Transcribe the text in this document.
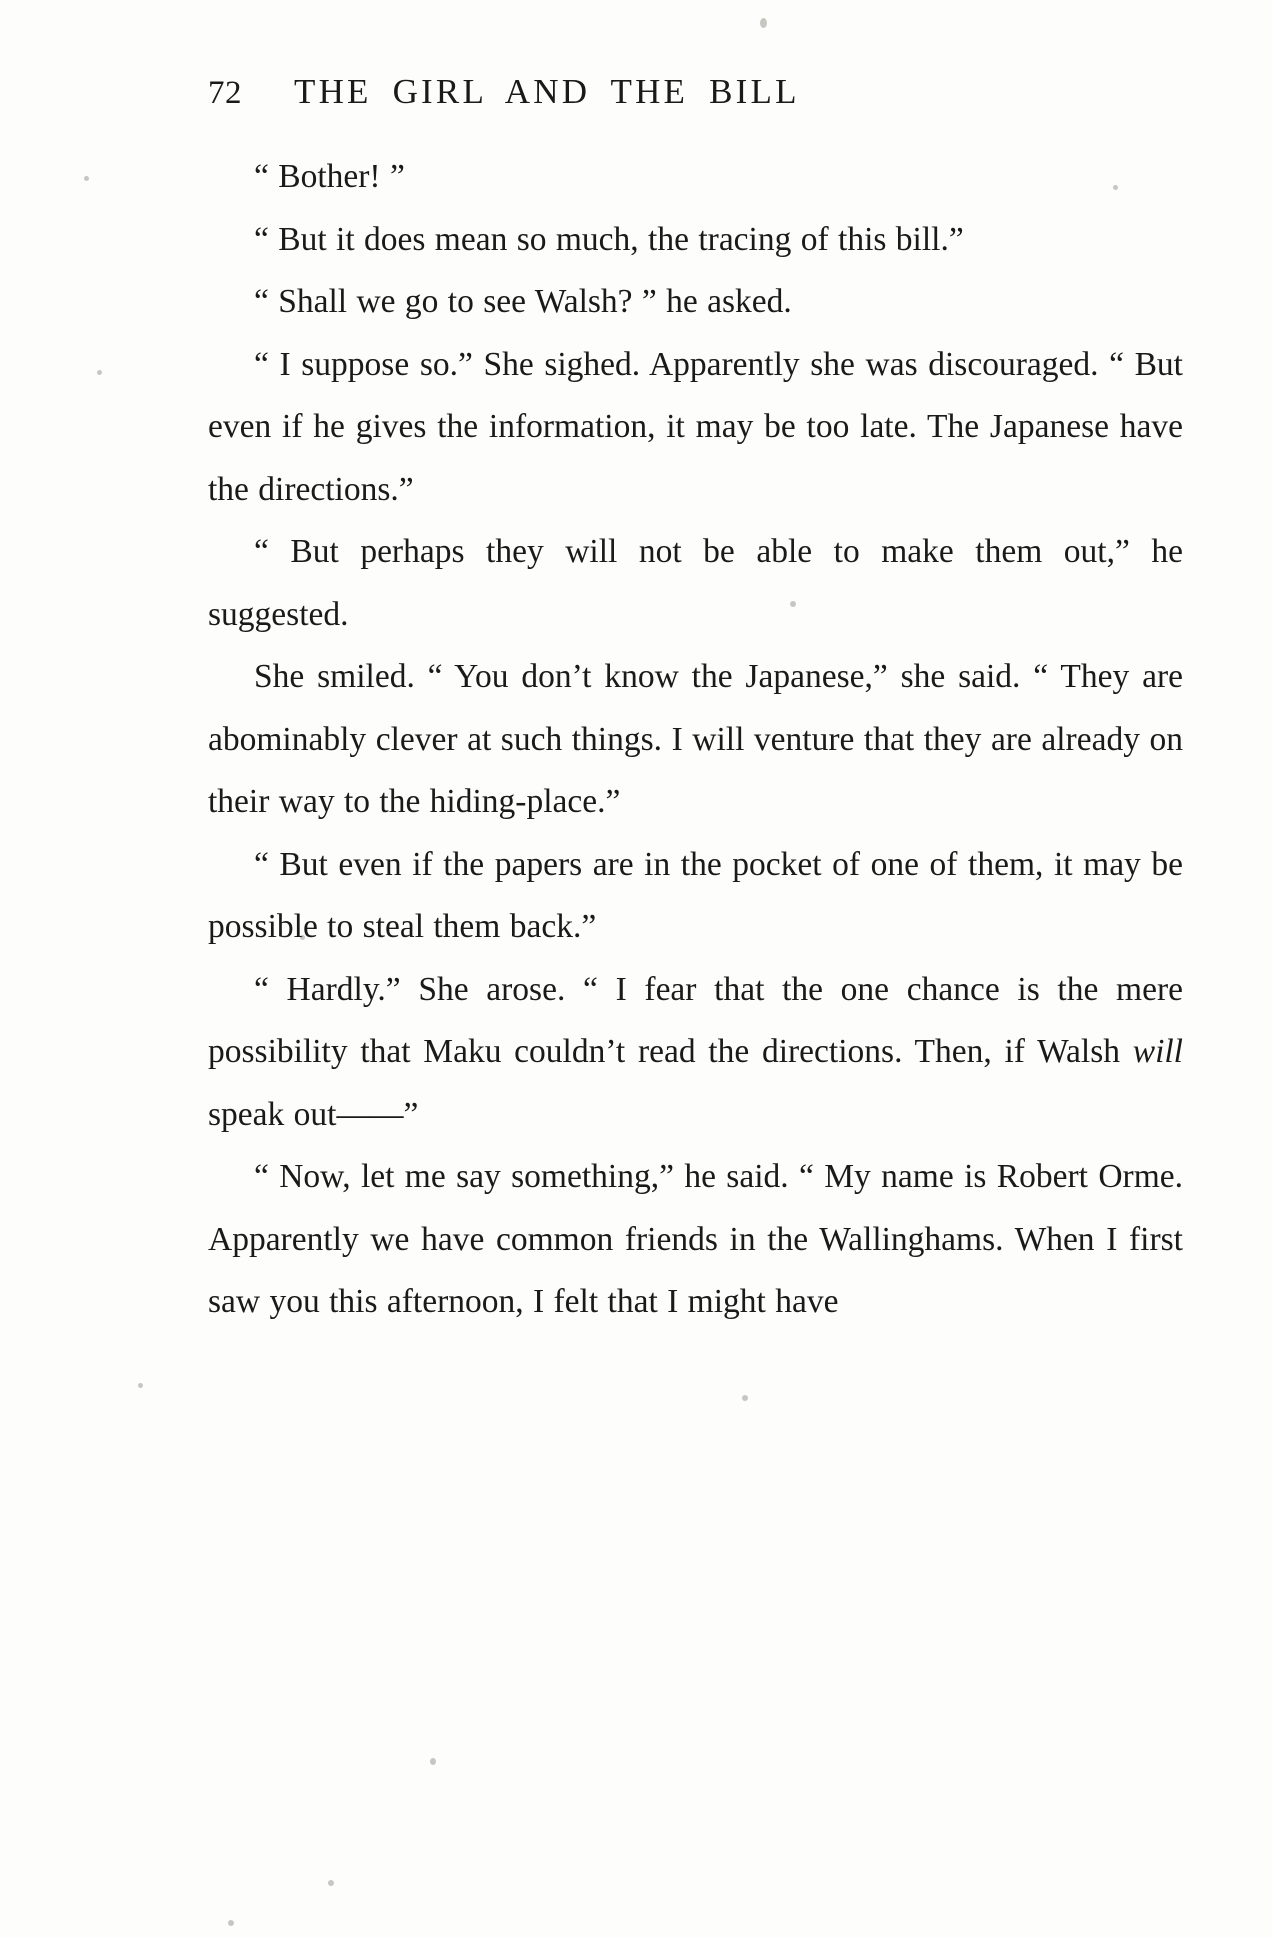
72 THE GIRL AND THE BILL

“ Bother! ”

“ But it does mean so much, the tracing of this bill.”

“ Shall we go to see Walsh? ” he asked.

“ I suppose so.” She sighed. Apparently she was discouraged. “ But even if he gives the information, it may be too late. The Japanese have the directions.”

“ But perhaps they will not be able to make them out,” he suggested.

She smiled. “ You don’t know the Japanese,” she said. “ They are abominably clever at such things. I will venture that they are already on their way to the hiding-place.”

“ But even if the papers are in the pocket of one of them, it may be possible to steal them back.”

“ Hardly.” She arose. “ I fear that the one chance is the mere possibility that Maku couldn’t read the directions. Then, if Walsh will speak out——”

“ Now, let me say something,” he said. “ My name is Robert Orme. Apparently we have common friends in the Wallinghams. When I first saw you this afternoon, I felt that I might have
